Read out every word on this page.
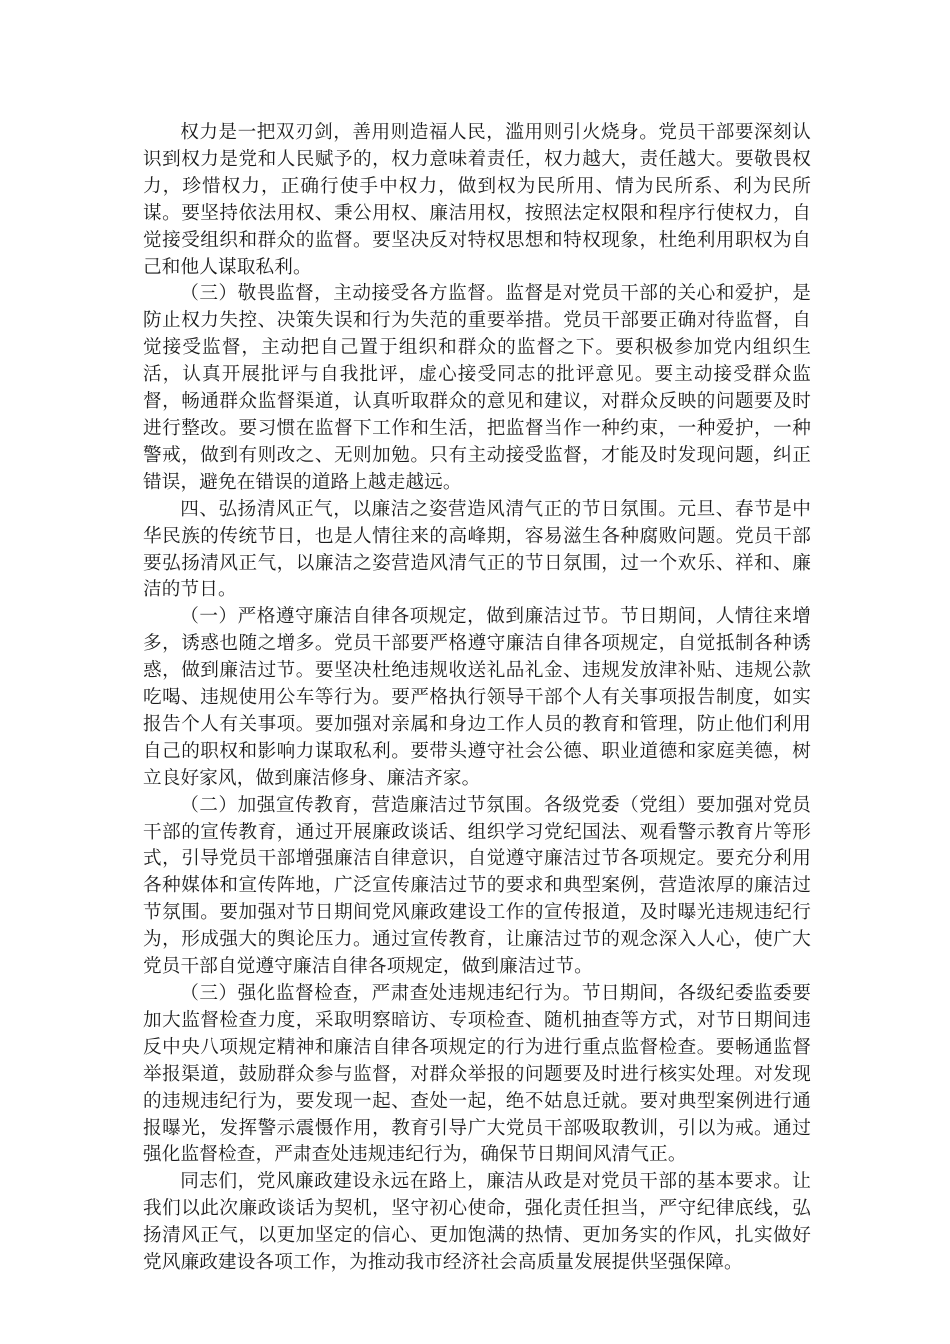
权力是一把双刃剑，善用则造福人民，滥用则引火烧身。党员干部要深刻认识到权力是党和人民赋予的，权力意味着责任，权力越大，责任越大。要敬畏权力，珍惜权力，正确行使手中权力，做到权为民所用、情为民所系、利为民所谋。要坚持依法用权、秉公用权、廉洁用权，按照法定权限和程序行使权力，自觉接受组织和群众的监督。要坚决反对特权思想和特权现象，杜绝利用职权为自己和他人谋取私利。

（三）敬畏监督，主动接受各方监督。监督是对党员干部的关心和爱护，是防止权力失控、决策失误和行为失范的重要举措。党员干部要正确对待监督，自觉接受监督，主动把自己置于组织和群众的监督之下。要积极参加党内组织生活，认真开展批评与自我批评，虚心接受同志的批评意见。要主动接受群众监督，畅通群众监督渠道，认真听取群众的意见和建议，对群众反映的问题要及时进行整改。要习惯在监督下工作和生活，把监督当作一种约束，一种爱护，一种警戒，做到有则改之、无则加勉。只有主动接受监督，才能及时发现问题，纠正错误，避免在错误的道路上越走越远。

四、弘扬清风正气，以廉洁之姿营造风清气正的节日氛围。元旦、春节是中华民族的传统节日，也是人情往来的高峰期，容易滋生各种腐败问题。党员干部要弘扬清风正气，以廉洁之姿营造风清气正的节日氛围，过一个欢乐、祥和、廉洁的节日。

（一）严格遵守廉洁自律各项规定，做到廉洁过节。节日期间，人情往来增多，诱惑也随之增多。党员干部要严格遵守廉洁自律各项规定，自觉抵制各种诱惑，做到廉洁过节。要坚决杜绝违规收送礼品礼金、违规发放津补贴、违规公款吃喝、违规使用公车等行为。要严格执行领导干部个人有关事项报告制度，如实报告个人有关事项。要加强对亲属和身边工作人员的教育和管理，防止他们利用自己的职权和影响力谋取私利。要带头遵守社会公德、职业道德和家庭美德，树立良好家风，做到廉洁修身、廉洁齐家。

（二）加强宣传教育，营造廉洁过节氛围。各级党委（党组）要加强对党员干部的宣传教育，通过开展廉政谈话、组织学习党纪国法、观看警示教育片等形式，引导党员干部增强廉洁自律意识，自觉遵守廉洁过节各项规定。要充分利用各种媒体和宣传阵地，广泛宣传廉洁过节的要求和典型案例，营造浓厚的廉洁过节氛围。要加强对节日期间党风廉政建设工作的宣传报道，及时曝光违规违纪行为，形成强大的舆论压力。通过宣传教育，让廉洁过节的观念深入人心，使广大党员干部自觉遵守廉洁自律各项规定，做到廉洁过节。

（三）强化监督检查，严肃查处违规违纪行为。节日期间，各级纪委监委要加大监督检查力度，采取明察暗访、专项检查、随机抽查等方式，对节日期间违反中央八项规定精神和廉洁自律各项规定的行为进行重点监督检查。要畅通监督举报渠道，鼓励群众参与监督，对群众举报的问题要及时进行核实处理。对发现的违规违纪行为，要发现一起、查处一起，绝不姑息迁就。要对典型案例进行通报曝光，发挥警示震慑作用，教育引导广大党员干部吸取教训，引以为戒。通过强化监督检查，严肃查处违规违纪行为，确保节日期间风清气正。

同志们，党风廉政建设永远在路上，廉洁从政是对党员干部的基本要求。让我们以此次廉政谈话为契机，坚守初心使命，强化责任担当，严守纪律底线，弘扬清风正气，以更加坚定的信心、更加饱满的热情、更加务实的作风，扎实做好党风廉政建设各项工作，为推动我市经济社会高质量发展提供坚强保障。
